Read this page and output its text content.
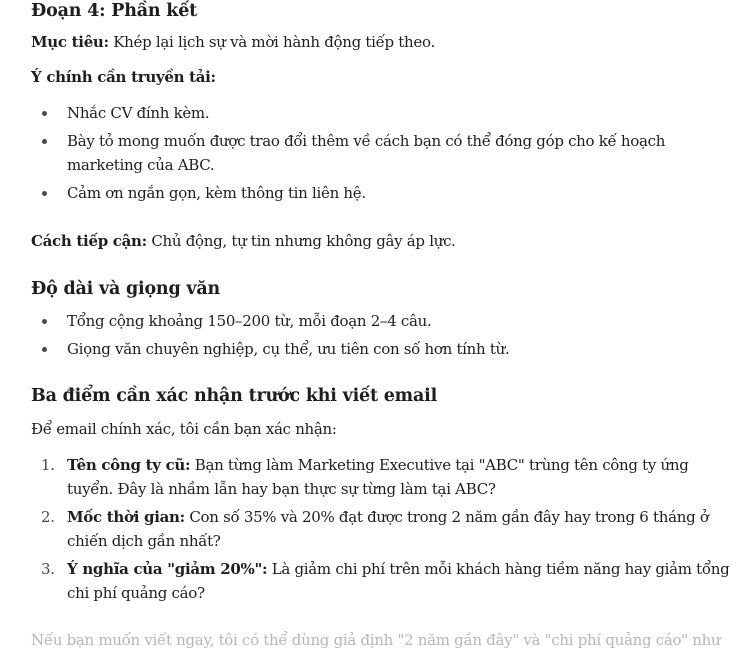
Đoạn 4: Phần kết

Mục tiêu: Khép lại lịch sự và mời hành động tiếp theo.

Ý chính cần truyền tải:

Nhắc CV đính kèm.
Bày tỏ mong muốn được trao đổi thêm về cách bạn có thể đóng góp cho kế hoạch marketing của ABC.
Cảm ơn ngắn gọn, kèm thông tin liên hệ.

Cách tiếp cận: Chủ động, tự tin nhưng không gây áp lực.

Độ dài và giọng văn
Tổng cộng khoảng 150–200 từ, mỗi đoạn 2–4 câu.
Giọng văn chuyên nghiệp, cụ thể, ưu tiên con số hơn tính từ.
Ba điểm cần xác nhận trước khi viết email

Để email chính xác, tôi cần bạn xác nhận:

1. Tên công ty cũ: Bạn từng làm Marketing Executive tại "ABC" trùng tên công ty ứng tuyển. Đây là nhầm lẫn hay bạn thực sự từng làm tại ABC?
2. Mốc thời gian: Con số 35% và 20% đạt được trong 2 năm gần đây hay trong 6 tháng ở chiến dịch gần nhất?
3. Ý nghĩa của "giảm 20%": Là giảm chi phí trên mỗi khách hàng tiềm năng hay giảm tổng chi phí quảng cáo?
Nếu bạn muốn viết ngay, tôi có thể dùng giả định "2 năm gần đây" và "chi phí quảng cáo" như
